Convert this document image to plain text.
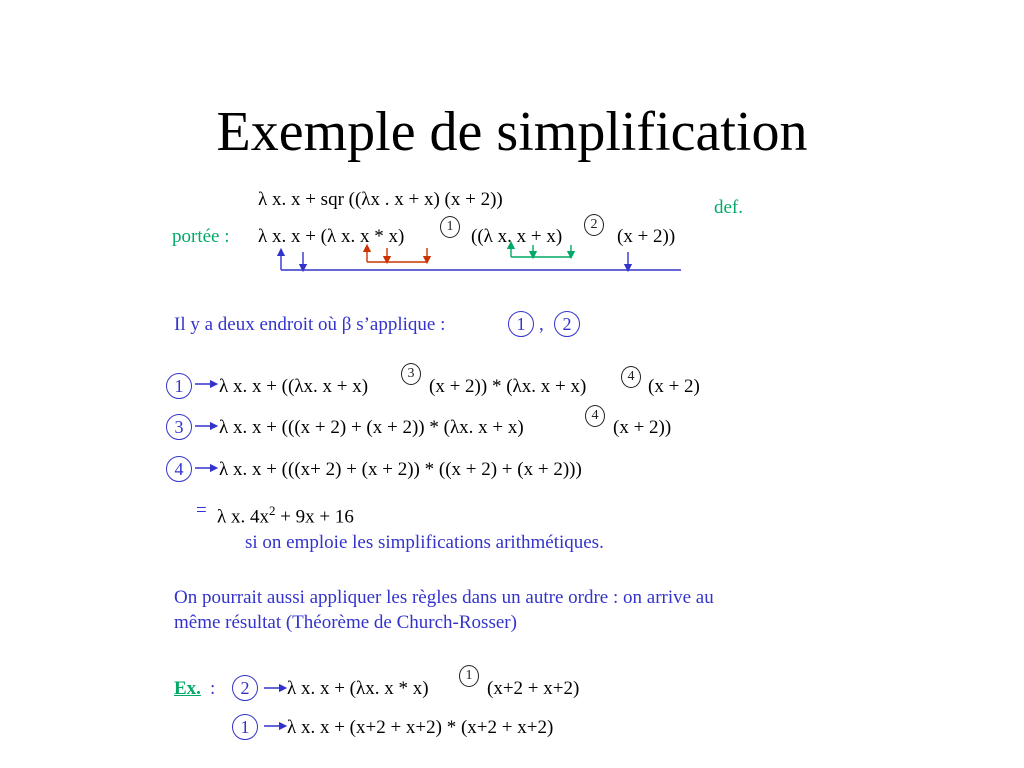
Exemple de simplification
λ x. x + sqr ((λx . x + x) (x + 2))	def.
portée : λ x. x + (λ x. x * x)	1 ((λ x. x + x)
2
(x + 2))
Il y a deux endroit où β s’applique :	1 ,	2
1	λ x. x + ((λx. x + x)
3
(x + 2)) * (λx. x + x)	4 (x + 2)
3	λ x. x + (((x + 2) + (x + 2)) * (λx. x + x)
4
(x + 2))
4	λ x. x + (((x+ 2) + (x + 2)) * ((x + 2) + (x + 2)))
= λ x. $4x^2 + 9x + 16$
si on emploie les simplifications arithmétiques.
On pourrait aussi appliquer les règles dans un autre ordre : on arrive au
même résultat (Théorème de Church-Rosser)
Ex. :	2	λ x. x + (λx. x * x)
1
(x+2 + x+2)
1	λ x. x + (x+2 + x+2) * (x+2 + x+2)
